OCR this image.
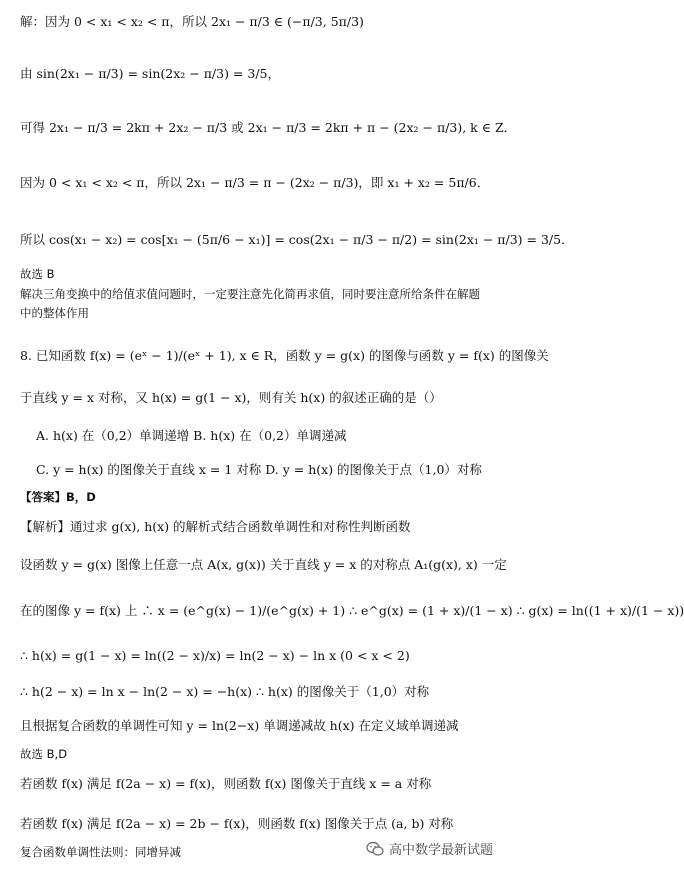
解：因为 0 < x₁ < x₂ < π，所以 2x₁ − π/3 ∈ (−π/3, 5π/3)
由 sin(2x₁ − π/3) = sin(2x₂ − π/3) = 3/5，
可得 2x₁ − π/3 = 2kπ + 2x₂ − π/3 或 2x₁ − π/3 = 2kπ + π − (2x₂ − π/3), k ∈ Z．
因为 0 < x₁ < x₂ < π，所以 2x₁ − π/3 = π − (2x₂ − π/3)，即 x₁ + x₂ = 5π/6．
所以 cos(x₁ − x₂) = cos[x₁ − (5π/6 − x₁)] = cos(2x₁ − π/3 − π/2) = sin(2x₁ − π/3) = 3/5．
故选 B
解决三角变换中的给值求值问题时，一定要注意先化简再求值，同时要注意所给条件在解题
中的整体作用
8. 已知函数 f(x) = (eˣ − 1)/(eˣ + 1), x ∈ R，函数 y = g(x) 的图像与函数 y = f(x) 的图像关
于直线 y = x 对称，又 h(x) = g(1 − x)，则有关 h(x) 的叙述正确的是（）
A. h(x) 在（0,2）单调递增 B. h(x) 在（0,2）单调递减
C. y = h(x) 的图像关于直线 x = 1 对称 D. y = h(x) 的图像关于点（1,0）对称
【答案】B，D
【解析】通过求 g(x), h(x) 的解析式结合函数单调性和对称性判断函数
设函数 y = g(x) 图像上任意一点 A(x, g(x)) 关于直线 y = x 的对称点 A₁(g(x), x) 一定
在的图像 y = f(x) 上 ∴ x = (e^g(x) − 1)/(e^g(x) + 1) ∴ e^g(x) = (1 + x)/(1 − x) ∴ g(x) = ln((1 + x)/(1 − x))
∴ h(x) = g(1 − x) = ln((2 − x)/x) = ln(2 − x) − ln x (0 < x < 2)
∴ h(2 − x) = ln x − ln(2 − x) = −h(x) ∴ h(x) 的图像关于（1,0）对称
且根据复合函数的单调性可知 y = ln(2−x) 单调递减故 h(x) 在定义域单调递减
故选 B,D
若函数 f(x) 满足 f(2a − x) = f(x)，则函数 f(x) 图像关于直线 x = a 对称
若函数 f(x) 满足 f(2a − x) = 2b − f(x)，则函数 f(x) 图像关于点 (a, b) 对称
复合函数单调性法则：同增异减	高中数学最新试题
